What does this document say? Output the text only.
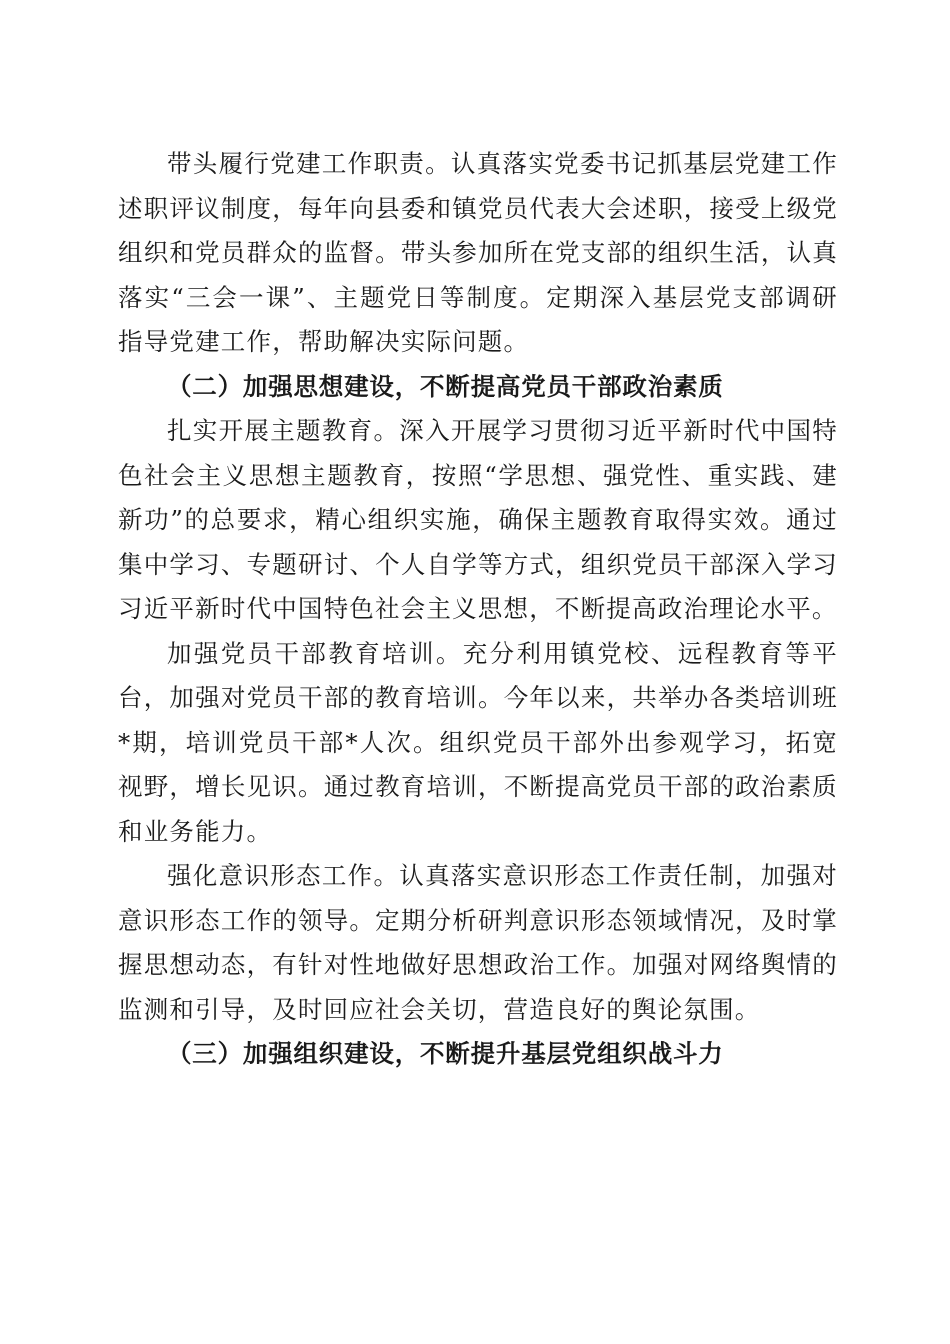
带头履行党建工作职责。认真落实党委书记抓基层党建工作述职评议制度，每年向县委和镇党员代表大会述职，接受上级党组织和党员群众的监督。带头参加所在党支部的组织生活，认真落实“三会一课”、主题党日等制度。定期深入基层党支部调研指导党建工作，帮助解决实际问题。

（二）加强思想建设，不断提高党员干部政治素质

扎实开展主题教育。深入开展学习贯彻习近平新时代中国特色社会主义思想主题教育，按照“学思想、强党性、重实践、建新功”的总要求，精心组织实施，确保主题教育取得实效。通过集中学习、专题研讨、个人自学等方式，组织党员干部深入学习习近平新时代中国特色社会主义思想，不断提高政治理论水平。

加强党员干部教育培训。充分利用镇党校、远程教育等平台，加强对党员干部的教育培训。今年以来，共举办各类培训班*期，培训党员干部*人次。组织党员干部外出参观学习，拓宽视野，增长见识。通过教育培训，不断提高党员干部的政治素质和业务能力。

强化意识形态工作。认真落实意识形态工作责任制，加强对意识形态工作的领导。定期分析研判意识形态领域情况，及时掌握思想动态，有针对性地做好思想政治工作。加强对网络舆情的监测和引导，及时回应社会关切，营造良好的舆论氛围。

（三）加强组织建设，不断提升基层党组织战斗力
